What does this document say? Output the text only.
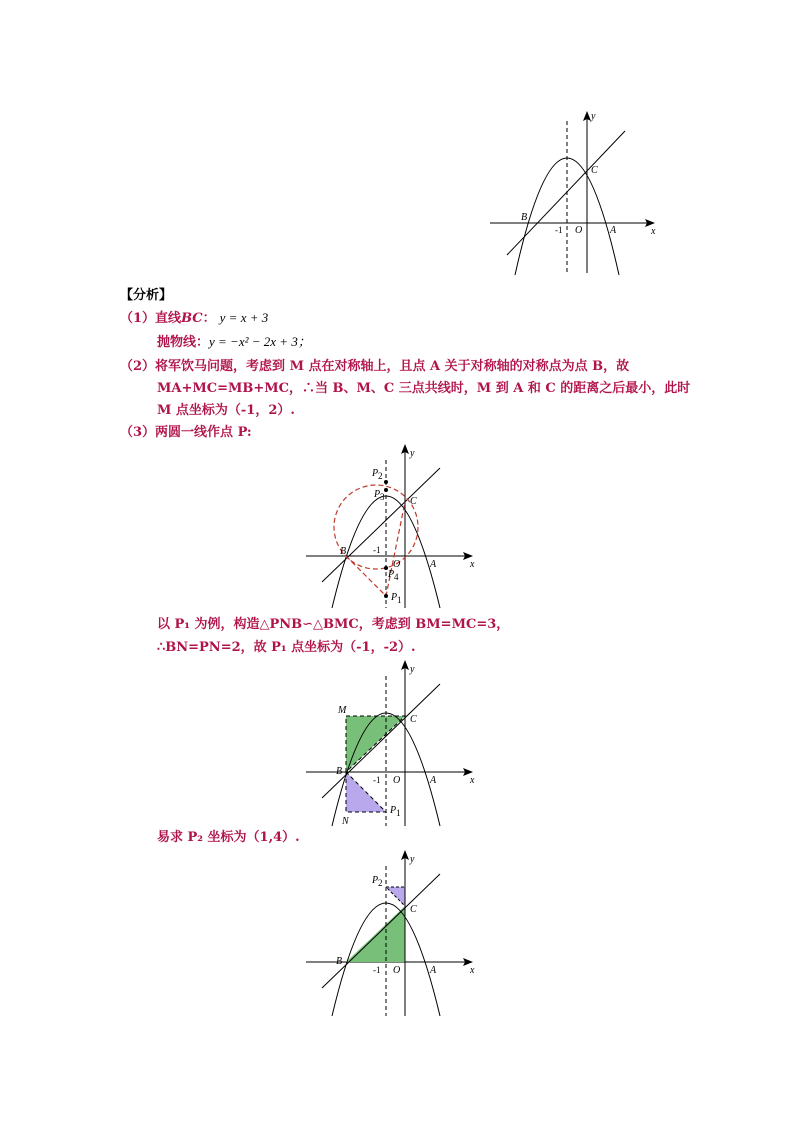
y
x
B
C
O	A
-1
【分析】
（1）直线BC： y = x + 3
抛物线：y = −x² − 2x + 3；
（2）将军饮马问题，考虑到 M 点在对称轴上，且点 A 关于对称轴的对称点为点 B，故
MA+MC=MB+MC，∴当 B、M、C 三点共线时，M 到 A 和 C 的距离之后最小，此时
M 点坐标为（-1，2）.
（3）两圆一线作点 P:
y
x
B
C
O	A
-1
P 2
P 3
P 4
P 1
以 P₁ 为例，构造△PNB∽△BMC，考虑到 BM=MC=3，
∴BN=PN=2，故 P₁ 点坐标为（-1，-2）.
y
x
B
C
M
N
O	A
-1
P 1
易求 P₂ 坐标为（1,4）.
y
x
B
C
O	A
-1
P 2
